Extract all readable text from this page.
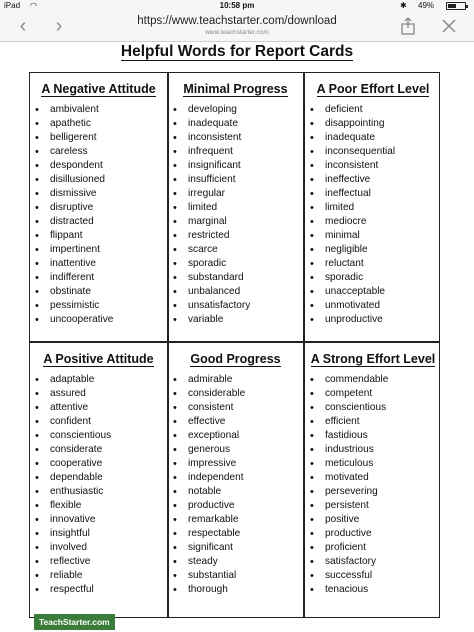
iPad ◠	10:58 pm	✱ 49%
‹	›	https://www.teachstarter.com/download
www.teachstarter.com
Helpful Words for Report Cards
A Negative Attitude
• ambivalent
• apathetic
• belligerent
• careless
• despondent
• disillusioned
• dismissive
• disruptive
• distracted
• flippant
• impertinent
• inattentive
• indifferent
• obstinate
• pessimistic
• uncooperative
Minimal Progress
• developing
• inadequate
• inconsistent
• infrequent
• insignificant
• insufficient
• irregular
• limited
• marginal
• restricted
• scarce
• sporadic
• substandard
• unbalanced
• unsatisfactory
• variable
A Poor Effort Level
• deficient
• disappointing
• inadequate
• inconsequential
• inconsistent
• ineffective
• ineffectual
• limited
• mediocre
• minimal
• negligible
• reluctant
• sporadic
• unacceptable
• unmotivated
• unproductive
A Positive Attitude
• adaptable
• assured
• attentive
• confident
• conscientious
• considerate
• cooperative
• dependable
• enthusiastic
• flexible
• innovative
• insightful
• involved
• reflective
• reliable
• respectful
Good Progress
• admirable
• considerable
• consistent
• effective
• exceptional
• generous
• impressive
• independent
• notable
• productive
• remarkable
• respectable
• significant
• steady
• substantial
• thorough
A Strong Effort Level
• commendable
• competent
• conscientious
• efficient
• fastidious
• industrious
• meticulous
• motivated
• persevering
• persistent
• positive
• productive
• proficient
• satisfactory
• successful
• tenacious
TeachStarter.com
